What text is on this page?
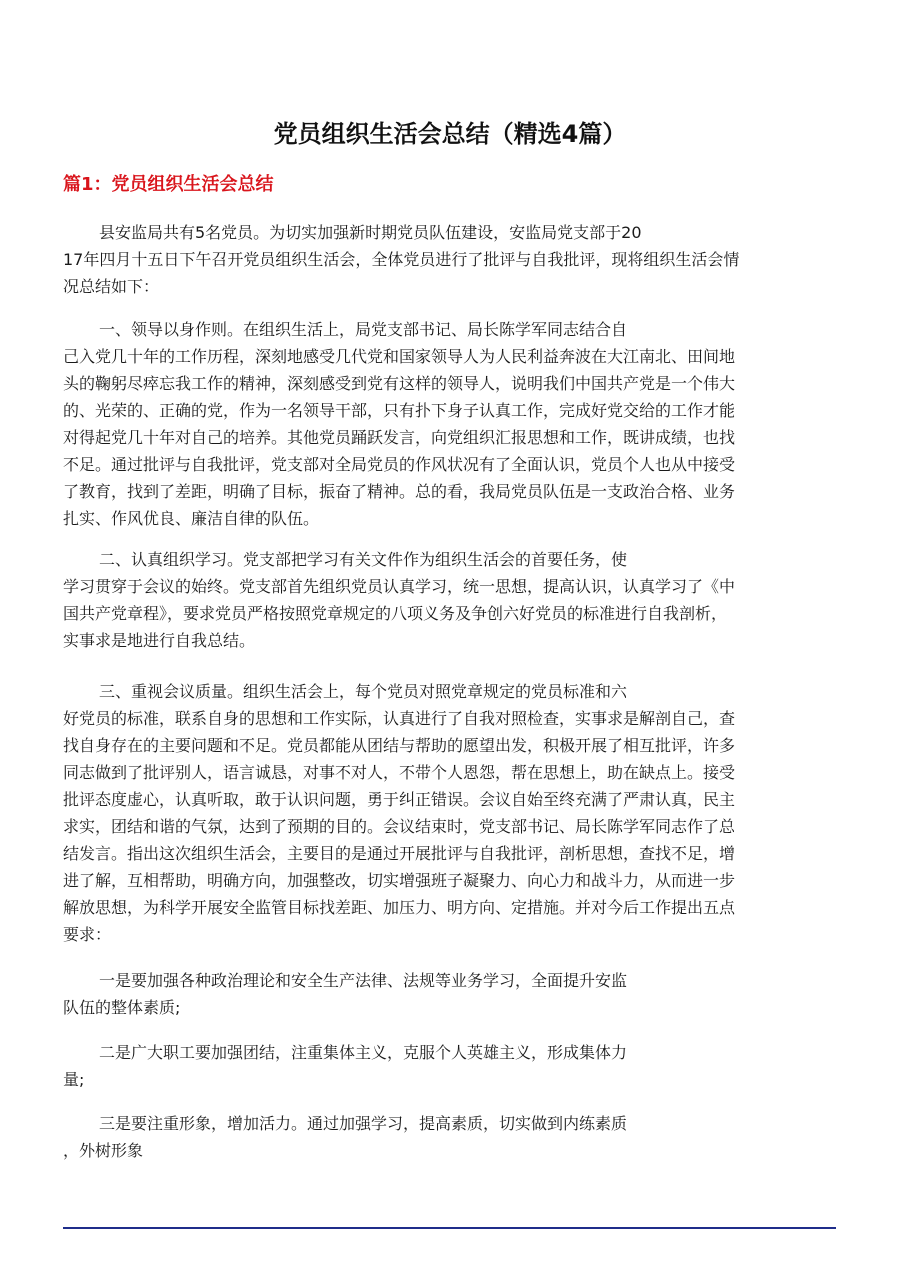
党员组织生活会总结（精选4篇）
篇1：党员组织生活会总结

县安监局共有5名党员。为切实加强新时期党员队伍建设，安监局党支部于20
17年四月十五日下午召开党员组织生活会，全体党员进行了批评与自我批评，现将组织生活会情
况总结如下：

一、领导以身作则。在组织生活上，局党支部书记、局长陈学军同志结合自
己入党几十年的工作历程，深刻地感受几代党和国家领导人为人民利益奔波在大江南北、田间地
头的鞠躬尽瘁忘我工作的精神，深刻感受到党有这样的领导人，说明我们中国共产党是一个伟大
的、光荣的、正确的党，作为一名领导干部，只有扑下身子认真工作，完成好党交给的工作才能
对得起党几十年对自己的培养。其他党员踊跃发言，向党组织汇报思想和工作，既讲成绩，也找
不足。通过批评与自我批评，党支部对全局党员的作风状况有了全面认识，党员个人也从中接受
了教育，找到了差距，明确了目标，振奋了精神。总的看，我局党员队伍是一支政治合格、业务
扎实、作风优良、廉洁自律的队伍。

二、认真组织学习。党支部把学习有关文件作为组织生活会的首要任务，使
学习贯穿于会议的始终。党支部首先组织党员认真学习，统一思想，提高认识，认真学习了《中
国共产党章程》，要求党员严格按照党章规定的八项义务及争创六好党员的标准进行自我剖析，
实事求是地进行自我总结。

三、重视会议质量。组织生活会上，每个党员对照党章规定的党员标准和六
好党员的标准，联系自身的思想和工作实际，认真进行了自我对照检查，实事求是解剖自己，查
找自身存在的主要问题和不足。党员都能从团结与帮助的愿望出发，积极开展了相互批评，许多
同志做到了批评别人，语言诚恳，对事不对人，不带个人恩怨，帮在思想上，助在缺点上。接受
批评态度虚心，认真听取，敢于认识问题，勇于纠正错误。会议自始至终充满了严肃认真，民主
求实，团结和谐的气氛，达到了预期的目的。会议结束时，党支部书记、局长陈学军同志作了总
结发言。指出这次组织生活会，主要目的是通过开展批评与自我批评，剖析思想，查找不足，增
进了解，互相帮助，明确方向，加强整改，切实增强班子凝聚力、向心力和战斗力，从而进一步
解放思想，为科学开展安全监管目标找差距、加压力、明方向、定措施。并对今后工作提出五点
要求：

一是要加强各种政治理论和安全生产法律、法规等业务学习，全面提升安监
队伍的整体素质;

二是广大职工要加强团结，注重集体主义，克服个人英雄主义，形成集体力
量;

三是要注重形象，增加活力。通过加强学习，提高素质，切实做到内练素质
，外树形象
